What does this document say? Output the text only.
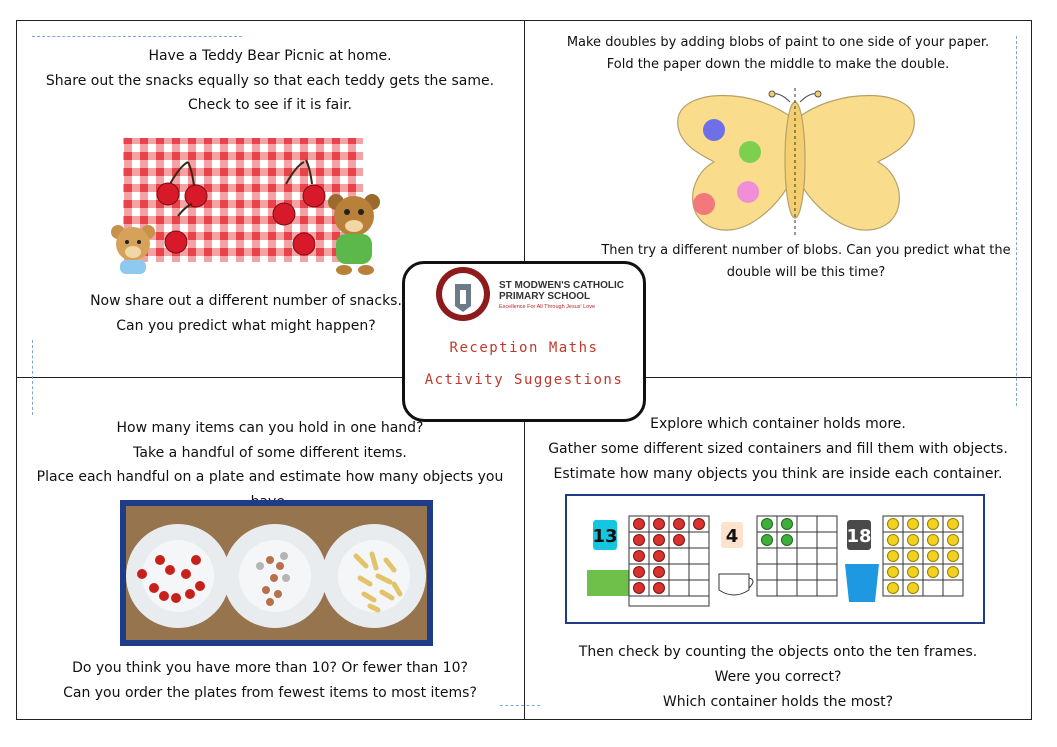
Have a Teddy Bear Picnic at home.

Share out the snacks equally so that each teddy gets the same.

Check to see if it is fair.

Now share out a different number of snacks.
Can you predict what might happen?

Make doubles by adding blobs of paint to one side of your paper.

Fold the paper down the middle to make the double.

Then try a different number of blobs. Can you predict what the
double will be this time?

How many items can you hold in one hand?

Take a handful of some different items.

Place each handful on a plate and estimate how many objects you

Do you think you have more than 10? Or fewer than 10?
Can you order the plates from fewest items to most items?

Explore which container holds more.

Gather some different sized containers and fill them with objects.

Estimate how many objects you think are inside each container.

13	4	18
Then check by counting the objects onto the ten frames.
Were you correct?
Which container holds the most?
ST MODWEN'S CATHOLIC
PRIMARY SCHOOL
Excellence For All Through Jesus' Love
Reception Maths
Activity Suggestions
